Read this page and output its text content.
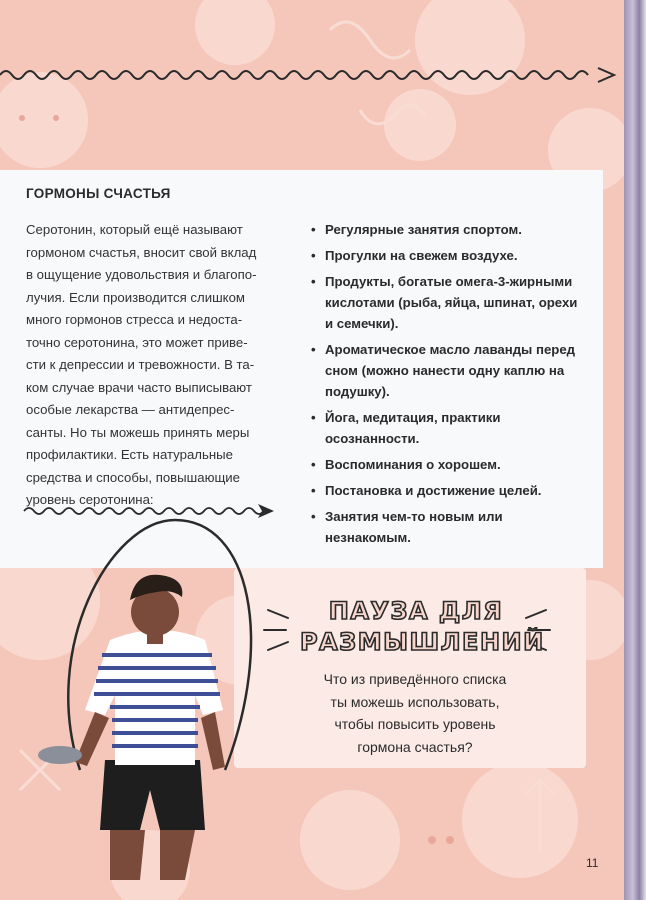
ГОРМОНЫ СЧАСТЬЯ
Серотонин, который ещё называют
гормоном счастья, вносит свой вклад
в ощущение удовольствия и благопо-
лучия. Если производится слишком
много гормонов стресса и недоста-
точно серотонина, это может приве-
сти к депрессии и тревожности. В та-
ком случае врачи часто выписывают
особые лекарства — антидепрес-
санты. Но ты можешь принять меры
профилактики. Есть натуральные
средства и способы, повышающие
уровень серотонина:
• Регулярные занятия спортом.
• Прогулки на свежем воздухе.
• Продукты, богатые омега-3-жирными кислотами (рыба, яйца, шпинат, орехи и семечки).
• Ароматическое масло лаванды перед сном (можно нанести одну каплю на подушку).
• Йога, медитация, практики осознанности.
• Воспоминания о хорошем.
• Постановка и достижение целей.
• Занятия чем-то новым или незнакомым.
ПАУЗА ДЛЯ
РАЗМЫШЛЕНИЙ
Что из приведённого списка
ты можешь использовать,
чтобы повысить уровень
гормона счастья?
11
